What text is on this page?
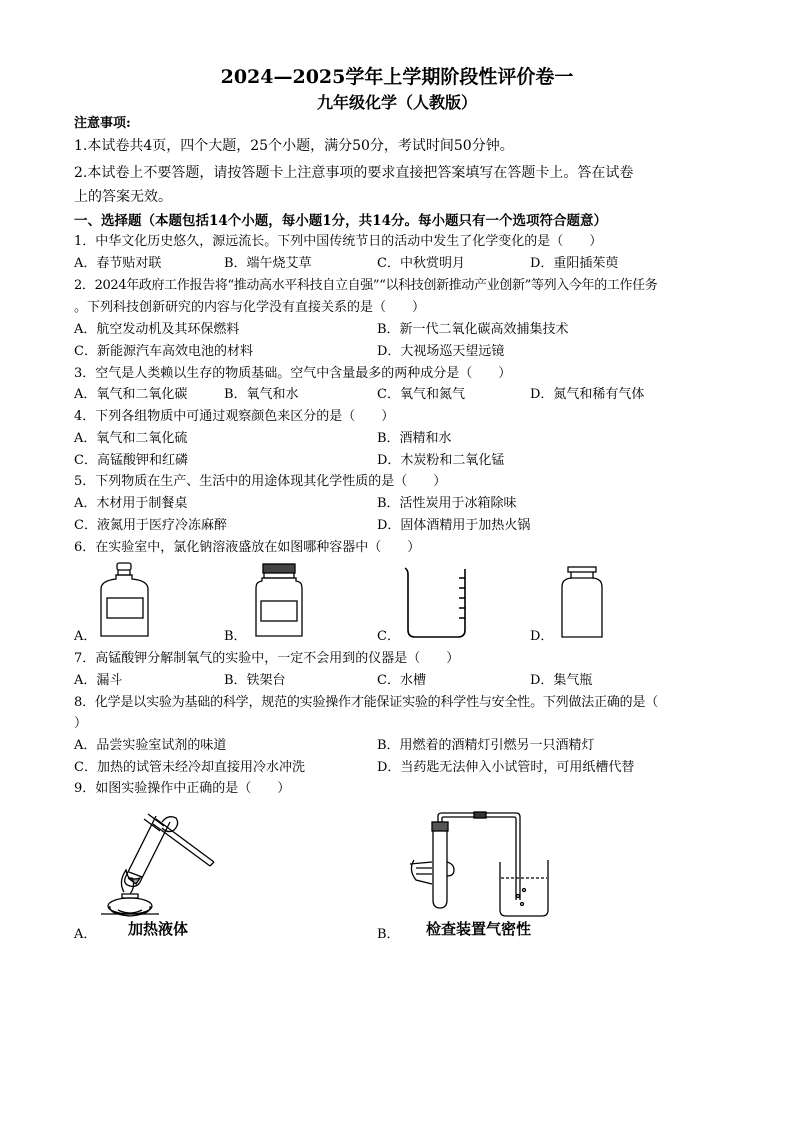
2024—2025学年上学期阶段性评价卷一
九年级化学（人教版）
注意事项:
1.本试卷共4页，四个大题，25个小题，满分50分，考试时间50分钟。
2.本试卷上不要答题，请按答题卡上注意事项的要求直接把答案填写在答题卡上。答在试卷
上的答案无效。
一、选择题（本题包括14个小题，每小题1分，共14分。每小题只有一个选项符合题意）
1．中华文化历史悠久，源远流长。下列中国传统节日的活动中发生了化学变化的是（　　）
A．春节贴对联	B．端午烧艾草	C．中秋赏明月	D．重阳插茱萸
2．2024年政府工作报告将“推动高水平科技自立自强”“以科技创新推动产业创新”等列入今年的工作任务
。下列科技创新研究的内容与化学没有直接关系的是（　　）
A．航空发动机及其环保燃料	B．新一代二氧化碳高效捕集技术
C．新能源汽车高效电池的材料	D．大视场巡天望远镜
3．空气是人类赖以生存的物质基础。空气中含量最多的两种成分是（　　）
A．氧气和二氧化碳	B．氧气和水	C．氧气和氮气	D．氮气和稀有气体
4．下列各组物质中可通过观察颜色来区分的是（　　）
A．氧气和二氧化硫	B．酒精和水
C．高锰酸钾和红磷	D．木炭粉和二氧化锰
5．下列物质在生产、生活中的用途体现其化学性质的是（　　）
A．木材用于制餐桌	B．活性炭用于冰箱除味
C．液氮用于医疗冷冻麻醉	D．固体酒精用于加热火锅
6．在实验室中，氯化钠溶液盛放在如图哪种容器中（　　）
A．	B．	C．	D．
7．高锰酸钾分解制氧气的实验中，一定不会用到的仪器是（　　）
A．漏斗	B．铁架台	C．水槽	D．集气瓶
8．化学是以实验为基础的科学，规范的实验操作才能保证实验的科学性与安全性。下列做法正确的是（
）
A．品尝实验室试剂的味道	B．用燃着的酒精灯引燃另一只酒精灯
C．加热的试管未经冷却直接用冷水冲洗	D．当药匙无法伸入小试管时，可用纸槽代替
9．如图实验操作中正确的是（　　）
A． 加热液体	B． 检查装置气密性
